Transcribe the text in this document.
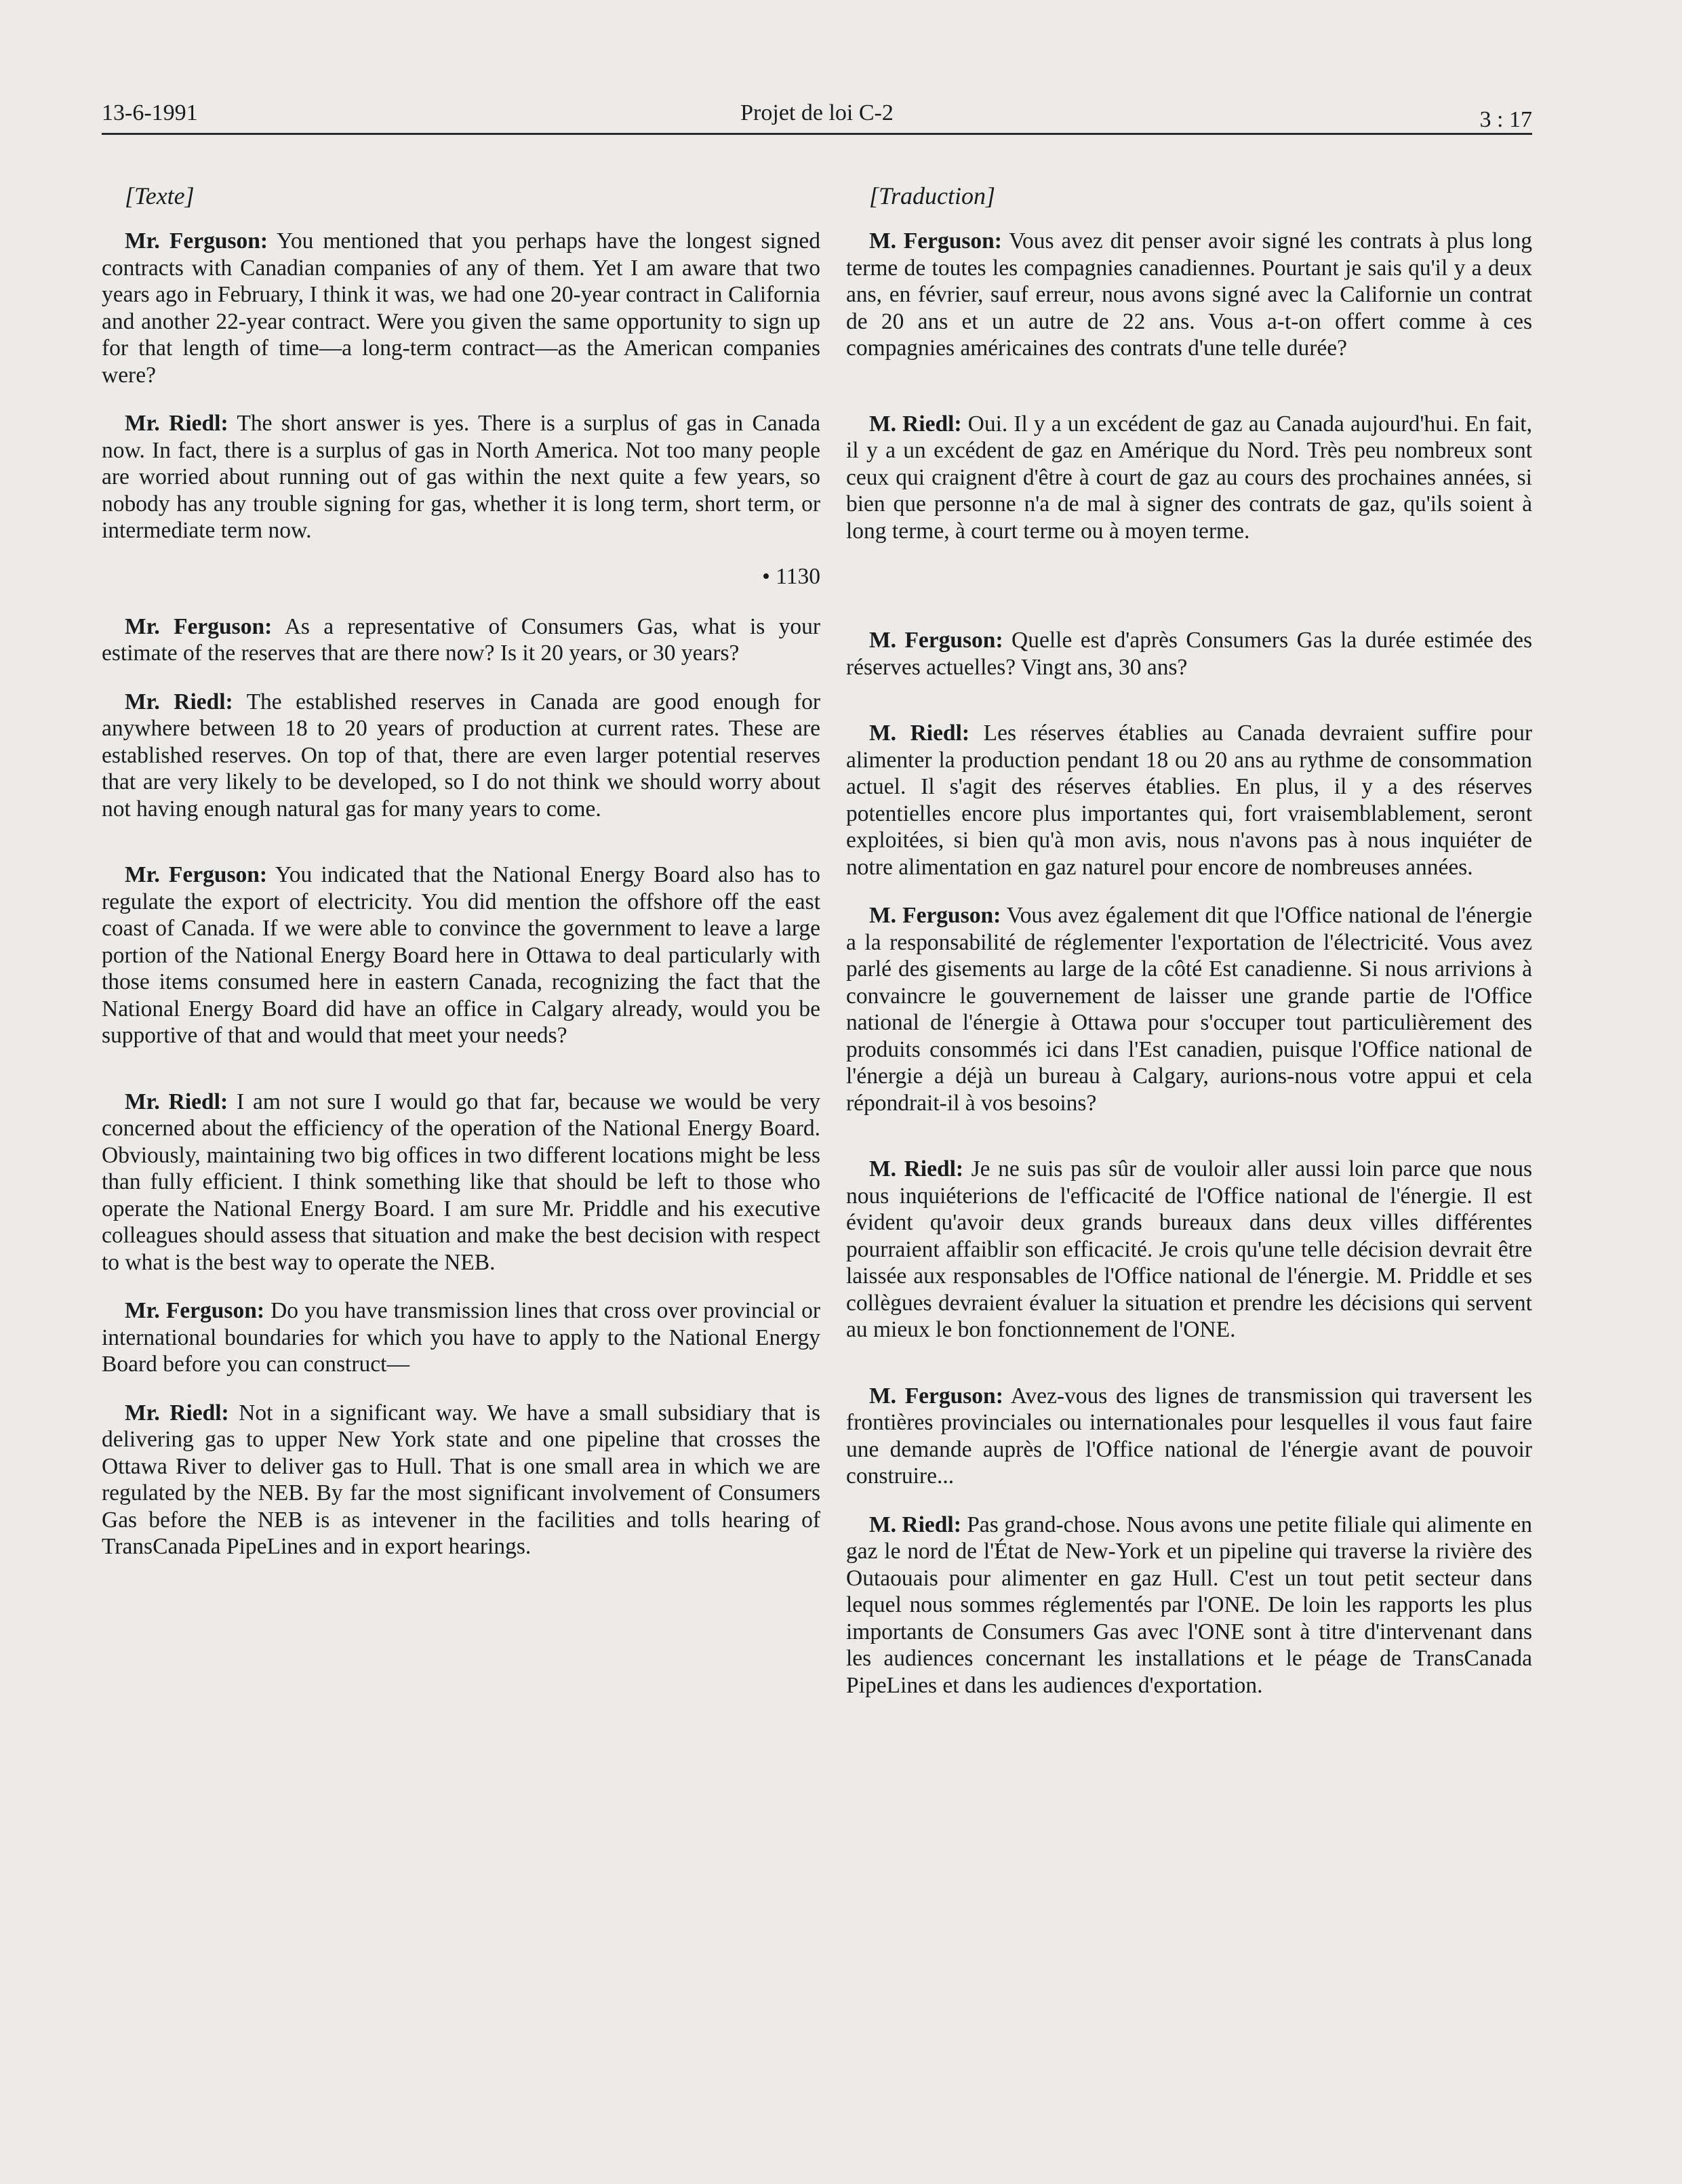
13-6-1991	Projet de loi C-2	3 : 17
[Texte]

Mr. Ferguson: You mentioned that you perhaps have the longest signed contracts with Canadian companies of any of them. Yet I am aware that two years ago in February, I think it was, we had one 20-year contract in California and another 22-year contract. Were you given the same opportunity to sign up for that length of time—a long-term contract—as the American companies were?

Mr. Riedl: The short answer is yes. There is a surplus of gas in Canada now. In fact, there is a surplus of gas in North America. Not too many people are worried about running out of gas within the next quite a few years, so nobody has any trouble signing for gas, whether it is long term, short term, or intermediate term now.

• 1130

Mr. Ferguson: As a representative of Consumers Gas, what is your estimate of the reserves that are there now? Is it 20 years, or 30 years?

Mr. Riedl: The established reserves in Canada are good enough for anywhere between 18 to 20 years of production at current rates. These are established reserves. On top of that, there are even larger potential reserves that are very likely to be developed, so I do not think we should worry about not having enough natural gas for many years to come.

Mr. Ferguson: You indicated that the National Energy Board also has to regulate the export of electricity. You did mention the offshore off the east coast of Canada. If we were able to convince the government to leave a large portion of the National Energy Board here in Ottawa to deal particularly with those items consumed here in eastern Canada, recognizing the fact that the National Energy Board did have an office in Calgary already, would you be supportive of that and would that meet your needs?

Mr. Riedl: I am not sure I would go that far, because we would be very concerned about the efficiency of the operation of the National Energy Board. Obviously, maintaining two big offices in two different locations might be less than fully efficient. I think something like that should be left to those who operate the National Energy Board. I am sure Mr. Priddle and his executive colleagues should assess that situation and make the best decision with respect to what is the best way to operate the NEB.

Mr. Ferguson: Do you have transmission lines that cross over provincial or international boundaries for which you have to apply to the National Energy Board before you can construct—

Mr. Riedl: Not in a significant way. We have a small subsidiary that is delivering gas to upper New York state and one pipeline that crosses the Ottawa River to deliver gas to Hull. That is one small area in which we are regulated by the NEB. By far the most significant involvement of Consumers Gas before the NEB is as intevener in the facilities and tolls hearing of TransCanada PipeLines and in export hearings.

[Traduction]

M. Ferguson: Vous avez dit penser avoir signé les contrats à plus long terme de toutes les compagnies canadiennes. Pourtant je sais qu'il y a deux ans, en février, sauf erreur, nous avons signé avec la Californie un contrat de 20 ans et un autre de 22 ans. Vous a-t-on offert comme à ces compagnies américaines des contrats d'une telle durée?

M. Riedl: Oui. Il y a un excédent de gaz au Canada aujourd'hui. En fait, il y a un excédent de gaz en Amérique du Nord. Très peu nombreux sont ceux qui craignent d'être à court de gaz au cours des prochaines années, si bien que personne n'a de mal à signer des contrats de gaz, qu'ils soient à long terme, à court terme ou à moyen terme.

M. Ferguson: Quelle est d'après Consumers Gas la durée estimée des réserves actuelles? Vingt ans, 30 ans?

M. Riedl: Les réserves établies au Canada devraient suffire pour alimenter la production pendant 18 ou 20 ans au rythme de consommation actuel. Il s'agit des réserves établies. En plus, il y a des réserves potentielles encore plus importantes qui, fort vraisemblablement, seront exploitées, si bien qu'à mon avis, nous n'avons pas à nous inquiéter de notre alimentation en gaz naturel pour encore de nombreuses années.

M. Ferguson: Vous avez également dit que l'Office national de l'énergie a la responsabilité de réglementer l'exportation de l'électricité. Vous avez parlé des gisements au large de la côté Est canadienne. Si nous arrivions à convaincre le gouvernement de laisser une grande partie de l'Office national de l'énergie à Ottawa pour s'occuper tout particulièrement des produits consommés ici dans l'Est canadien, puisque l'Office national de l'énergie a déjà un bureau à Calgary, aurions-nous votre appui et cela répondrait-il à vos besoins?

M. Riedl: Je ne suis pas sûr de vouloir aller aussi loin parce que nous nous inquiéterions de l'efficacité de l'Office national de l'énergie. Il est évident qu'avoir deux grands bureaux dans deux villes différentes pourraient affaiblir son efficacité. Je crois qu'une telle décision devrait être laissée aux responsables de l'Office national de l'énergie. M. Priddle et ses collègues devraient évaluer la situation et prendre les décisions qui servent au mieux le bon fonctionnement de l'ONE.

M. Ferguson: Avez-vous des lignes de transmission qui traversent les frontières provinciales ou internationales pour lesquelles il vous faut faire une demande auprès de l'Office national de l'énergie avant de pouvoir construire...

M. Riedl: Pas grand-chose. Nous avons une petite filiale qui alimente en gaz le nord de l'État de New-York et un pipeline qui traverse la rivière des Outaouais pour alimenter en gaz Hull. C'est un tout petit secteur dans lequel nous sommes réglementés par l'ONE. De loin les rapports les plus importants de Consumers Gas avec l'ONE sont à titre d'intervenant dans les audiences concernant les installations et le péage de TransCanada PipeLines et dans les audiences d'exportation.
